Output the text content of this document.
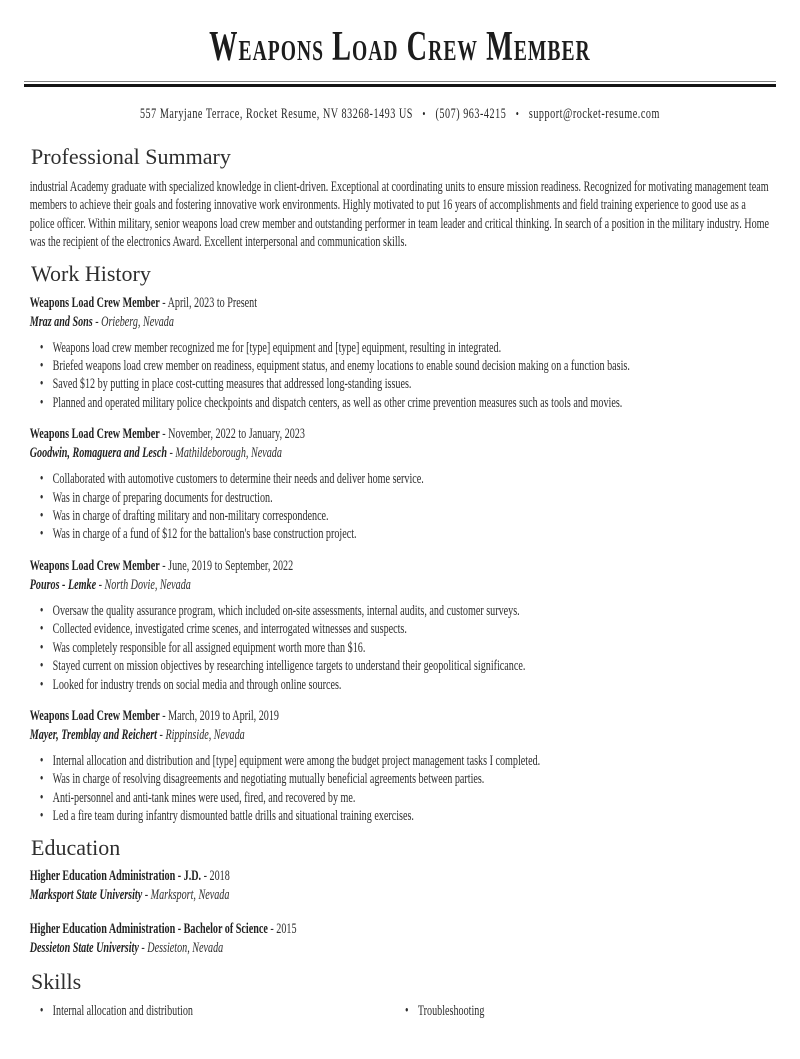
Weapons Load Crew Member
557 Maryjane Terrace, Rocket Resume, NV 83268-1493 US • (507) 963-4215 • support@rocket-resume.com
Professional Summary

industrial Academy graduate with specialized knowledge in client-driven. Exceptional at coordinating units to ensure mission readiness. Recognized for motivating management team members to achieve their goals and fostering innovative work environments. Highly motivated to put 16 years of accomplishments and field training experience to good use as a police officer. Within military, senior weapons load crew member and outstanding performer in team leader and critical thinking. In search of a position in the military industry. Home was the recipient of the electronics Award. Excellent interpersonal and communication skills.

Work History
Weapons Load Crew Member - April, 2023 to Present
Mraz and Sons - Orieberg, Nevada
• Weapons load crew member recognized me for [type] equipment and [type] equipment, resulting in integrated.
• Briefed weapons load crew member on readiness, equipment status, and enemy locations to enable sound decision making on a function basis.
• Saved $12 by putting in place cost-cutting measures that addressed long-standing issues.
• Planned and operated military police checkpoints and dispatch centers, as well as other crime prevention measures such as tools and movies.
Weapons Load Crew Member - November, 2022 to January, 2023
Goodwin, Romaguera and Lesch - Mathildeborough, Nevada
• Collaborated with automotive customers to determine their needs and deliver home service.
• Was in charge of preparing documents for destruction.
• Was in charge of drafting military and non-military correspondence.
• Was in charge of a fund of $12 for the battalion's base construction project.
Weapons Load Crew Member - June, 2019 to September, 2022
Pouros - Lemke - North Dovie, Nevada
• Oversaw the quality assurance program, which included on-site assessments, internal audits, and customer surveys.
• Collected evidence, investigated crime scenes, and interrogated witnesses and suspects.
• Was completely responsible for all assigned equipment worth more than $16.
• Stayed current on mission objectives by researching intelligence targets to understand their geopolitical significance.
• Looked for industry trends on social media and through online sources.
Weapons Load Crew Member - March, 2019 to April, 2019
Mayer, Tremblay and Reichert - Rippinside, Nevada
• Internal allocation and distribution and [type] equipment were among the budget project management tasks I completed.
• Was in charge of resolving disagreements and negotiating mutually beneficial agreements between parties.
• Anti-personnel and anti-tank mines were used, fired, and recovered by me.
• Led a fire team during infantry dismounted battle drills and situational training exercises.
Education
Higher Education Administration - J.D. - 2018
Marksport State University - Marksport, Nevada
Higher Education Administration - Bachelor of Science - 2015
Dessieton State University - Dessieton, Nevada
Skills
• Internal allocation and distribution	• Troubleshooting
